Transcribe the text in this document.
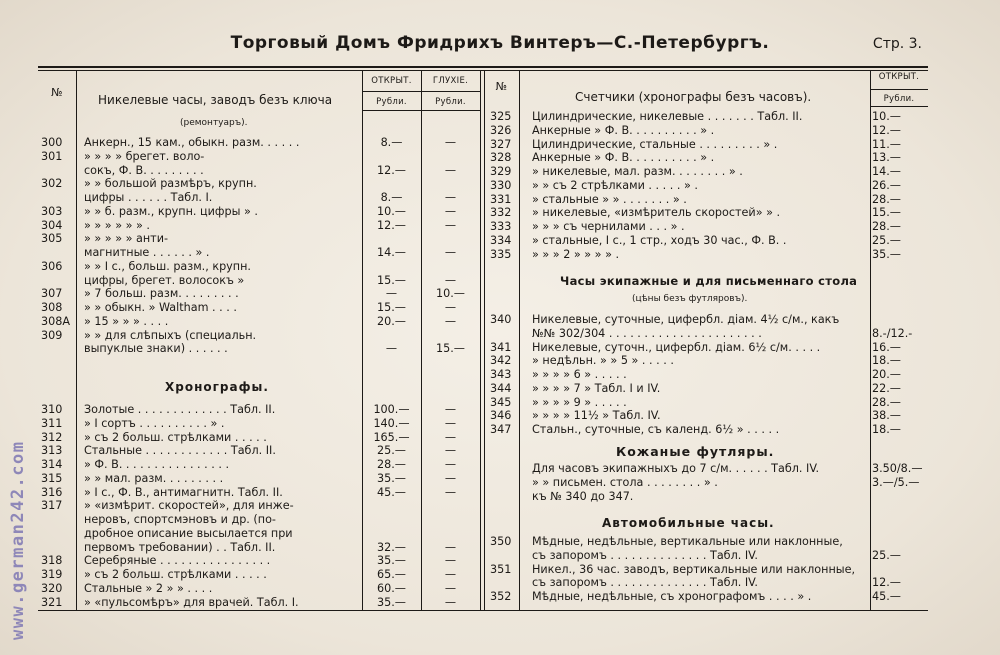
Торговый Домъ Фридрихъ Винтеръ—С.-Петербургъ.	Стр. 3.
№
ОТКРЫТ.	ГЛУХІЕ.
Рубли.	Рубли.
Никелевые часы, заводъ безъ ключа
(ремонтуаръ).
Хронографы.
300 Анкерн., 15 кам., обыкн. разм. . . . . .	8.—	—
301 » » » » брегет. воло-
сокъ, Ф. В. . . . . . . . .	12.—	—
302 » » большой размѣръ, крупн.
цифры . . . . . . Табл. I.	8.—	—
303 » » б. разм., крупн. цифры » .	10.—	—
304 » » » » » » .	12.—	—
305 » » » » » анти-
магнитные . . . . . . » .	14.—	—
306 » » I с., больш. разм., крупн.
цифры, брегет. волосокъ »	15.—	—
307 » 7 больш. разм. . . . . . . . .	—	10.—
308 » » обыкн. » Waltham . . . .	15.—	—
308А » 15 » » » . . . .	20.—	—
309 » » для слѣпыхъ (специальн.
выпуклые знаки) . . . . . .	—	15.—
310 Золотые . . . . . . . . . . . . . Табл. II.	100.—	—
311 » I сортъ . . . . . . . . . . » .	140.—	—
312 » съ 2 больш. стрѣлками . . . . .	165.—	—
313 Стальные . . . . . . . . . . . . Табл. II.	25.—	—
314 » Ф. В. . . . . . . . . . . . . . . .	28.—	—
315 » » мал. разм. . . . . . . . .	35.—	—
316 » I с., Ф. В., антимагнитн. Табл. II.	45.—	—
317 » «измѣрит. скоростей», для инже-
неровъ, спортсмэновъ и др. (по-
дробное описание высылается при
первомъ требовании) . . Табл. II.	32.—	—
318 Серебряные . . . . . . . . . . . . . . . .	35.—	—
319 » съ 2 больш. стрѣлками . . . . .	65.—	—
320 Стальные » 2 » » . . . .	60.—	—
321 » «пульсомѣръ» для врачей. Табл. I.	35.—	—
№
ОТКРЫТ.
Рубли.
Счетчики (хронографы безъ часовъ).
Часы экипажные и для письменнаго стола
(цѣны безъ футляровъ).
Кожаные футляры.
Автомобильные часы.
325 Цилиндрические, никелевые . . . . . . . Табл. II.	10.—
326 Анкерные » Ф. В. . . . . . . . . . » .	12.—
327 Цилиндрические, стальные . . . . . . . . . » .	11.—
328 Анкерные » Ф. В. . . . . . . . . . » .	13.—
329 » никелевые, мал. разм. . . . . . . . » .	14.—
330 » » съ 2 стрѣлками . . . . . » .	26.—
331 » стальные » » . . . . . . . » .	28.—
332 » никелевые, «измѣритель скоростей» » .	15.—
333 » » » съ чернилами . . . » .	28.—
334 » стальные, I с., 1 стр., ходъ 30 час., Ф. В. .	25.—
335 » » » 2 » » » » .	35.—
340 Никелевые, суточные, цифербл. діам. 4½ с/м., какъ
№№ 302/304 . . . . . . . . . . . . . . . . . . . . . .	8.-/12.-
341 Никелевые, суточн., цифербл. діам. 6½ с/м. . . . .	16.—
342 » недѣльн. » » 5 » . . . . .	18.—
343 » » » » 6 » . . . . .	20.—
344 » » » » 7 » Табл. I и IV.	22.—
345 » » » » 9 » . . . . .	28.—
346 » » » » 11½ » Табл. IV.	38.—
347 Стальн., суточные, съ календ. 6½ » . . . . .	18.—
Для часовъ экипажныхъ до 7 с/м. . . . . . Табл. IV.	3.50/8.—
» » письмен. стола . . . . . . . . » .	3.—/5.—
къ № 340 до 347.
350 Мѣдные, недѣльные, вертикальные или наклонные,
съ запоромъ . . . . . . . . . . . . . . Табл. IV.	25.—
351 Никел., 36 час. заводъ, вертикальные или наклонные,
съ запоромъ . . . . . . . . . . . . . . Табл. IV.	12.—
352 Мѣдные, недѣльные, съ хронографомъ . . . . » .	45.—
www.german242.com
